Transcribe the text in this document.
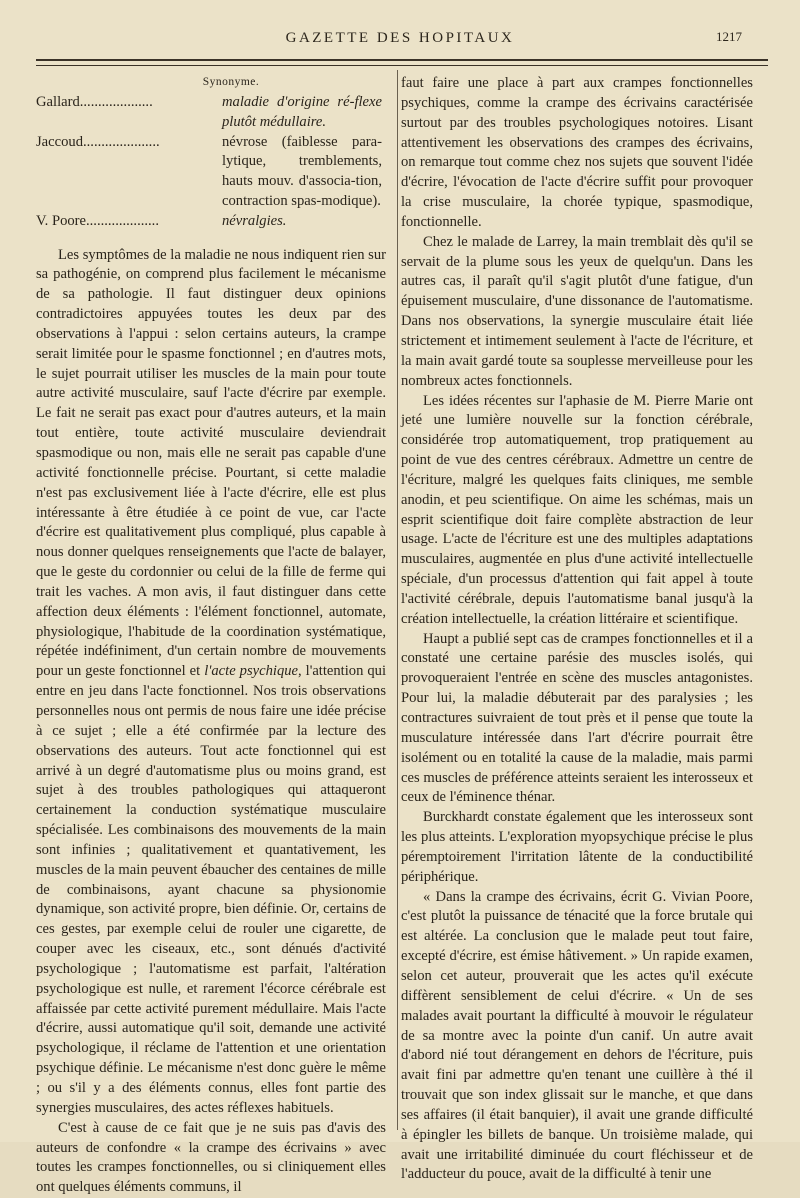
GAZETTE DES HOPITAUX	1217
Synonyme.
Gallard....................	maladie d'origine ré-flexe plutôt médullaire.
Jaccoud.....................	névrose (faiblesse para-lytique, tremblements, hauts mouv. d'associa-tion, contraction spas-modique).
V. Poore....................	névralgies.

Les symptômes de la maladie ne nous indiquent rien sur sa pathogénie, on comprend plus facilement le mécanisme de sa pathologie. Il faut distinguer deux opinions contradictoires appuyées toutes les deux par des observations à l'appui : selon certains auteurs, la crampe serait limitée pour le spasme fonctionnel ; en d'autres mots, le sujet pourrait utiliser les muscles de la main pour toute autre activité musculaire, sauf l'acte d'écrire par exemple. Le fait ne serait pas exact pour d'autres auteurs, et la main tout entière, toute activité musculaire deviendrait spasmodique ou non, mais elle ne serait pas capable d'une activité fonctionnelle précise. Pourtant, si cette maladie n'est pas exclusivement liée à l'acte d'écrire, elle est plus intéressante à être étudiée à ce point de vue, car l'acte d'écrire est qualitativement plus compliqué, plus capable à nous donner quelques renseignements que l'acte de balayer, que le geste du cordonnier ou celui de la fille de ferme qui trait les vaches. A mon avis, il faut distinguer dans cette affection deux éléments : l'élément fonctionnel, automate, physiologique, l'habitude de la coordination systématique, répétée indéfiniment, d'un certain nombre de mouvements pour un geste fonctionnel et l'acte psychique, l'attention qui entre en jeu dans l'acte fonctionnel. Nos trois observations personnelles nous ont permis de nous faire une idée précise à ce sujet ; elle a été confirmée par la lecture des observations des auteurs. Tout acte fonctionnel qui est arrivé à un degré d'automatisme plus ou moins grand, est sujet à des troubles pathologiques qui attaqueront certainement la conduction systématique musculaire spécialisée. Les combinaisons des mouvements de la main sont infinies ; qualitativement et quantativement, les muscles de la main peuvent ébaucher des centaines de mille de combinaisons, ayant chacune sa physionomie dynamique, son activité propre, bien définie. Or, certains de ces gestes, par exemple celui de rouler une cigarette, de couper avec les ciseaux, etc., sont dénués d'activité psychologique ; l'automatisme est parfait, l'altération psychologique est nulle, et rarement l'écorce cérébrale est affaissée par cette activité purement médullaire. Mais l'acte d'écrire, aussi automatique qu'il soit, demande une activité psychologique, il réclame de l'attention et une orientation psychique définie. Le mécanisme n'est donc guère le même ; ou s'il y a des éléments connus, elles font partie des synergies musculaires, des actes réflexes habituels.

C'est à cause de ce fait que je ne suis pas d'avis des auteurs de confondre « la crampe des écrivains » avec toutes les crampes fonctionnelles, ou si cliniquement elles ont quelques éléments communs, il

faut faire une place à part aux crampes fonctionnelles psychiques, comme la crampe des écrivains caractérisée surtout par des troubles psychologiques notoires. Lisant attentivement les observations des crampes des écrivains, on remarque tout comme chez nos sujets que souvent l'idée d'écrire, l'évocation de l'acte d'écrire suffit pour provoquer la crise musculaire, la chorée typique, spasmodique, fonctionnelle.

Chez le malade de Larrey, la main tremblait dès qu'il se servait de la plume sous les yeux de quelqu'un. Dans les autres cas, il paraît qu'il s'agit plutôt d'une fatigue, d'un épuisement musculaire, d'une dissonance de l'automatisme. Dans nos observations, la synergie musculaire était liée strictement et intimement seulement à l'acte de l'écriture, et la main avait gardé toute sa souplesse merveilleuse pour les nombreux actes fonctionnels.

Les idées récentes sur l'aphasie de M. Pierre Marie ont jeté une lumière nouvelle sur la fonction cérébrale, considérée trop automatiquement, trop pratiquement au point de vue des centres cérébraux. Admettre un centre de l'écriture, malgré les quelques faits cliniques, me semble anodin, et peu scientifique. On aime les schémas, mais un esprit scientifique doit faire complète abstraction de leur usage. L'acte de l'écriture est une des multiples adaptations musculaires, augmentée en plus d'une activité intellectuelle spéciale, d'un processus d'attention qui fait appel à toute l'activité cérébrale, depuis l'automatisme banal jusqu'à la création intellectuelle, la création littéraire et scientifique.

Haupt a publié sept cas de crampes fonctionnelles et il a constaté une certaine parésie des muscles isolés, qui provoqueraient l'entrée en scène des muscles antagonistes. Pour lui, la maladie débuterait par des paralysies ; les contractures suivraient de tout près et il pense que toute la musculature intéressée dans l'art d'écrire pourrait être isolément ou en totalité la cause de la maladie, mais parmi ces muscles de préférence atteints seraient les interosseux et ceux de l'éminence thénar.

Burckhardt constate également que les interosseux sont les plus atteints. L'exploration myopsychique précise le plus péremptoirement l'irritation lâtente de la conductibilité périphérique.

« Dans la crampe des écrivains, écrit G. Vivian Poore, c'est plutôt la puissance de ténacité que la force brutale qui est altérée. La conclusion que le malade peut tout faire, excepté d'écrire, est émise hâtivement. » Un rapide examen, selon cet auteur, prouverait que les actes qu'il exécute diffèrent sensiblement de celui d'écrire. « Un de ses malades avait pourtant la difficulté à mouvoir le régulateur de sa montre avec la pointe d'un canif. Un autre avait d'abord nié tout dérangement en dehors de l'écriture, puis avait fini par admettre qu'en tenant une cuillère à thé il trouvait que son index glissait sur le manche, et que dans ses affaires (il était banquier), il avait une grande difficulté à épingler les billets de banque. Un troisième malade, qui avait une irritabilité diminuée du court fléchisseur et de l'adducteur du pouce, avait de la difficulté à tenir une
